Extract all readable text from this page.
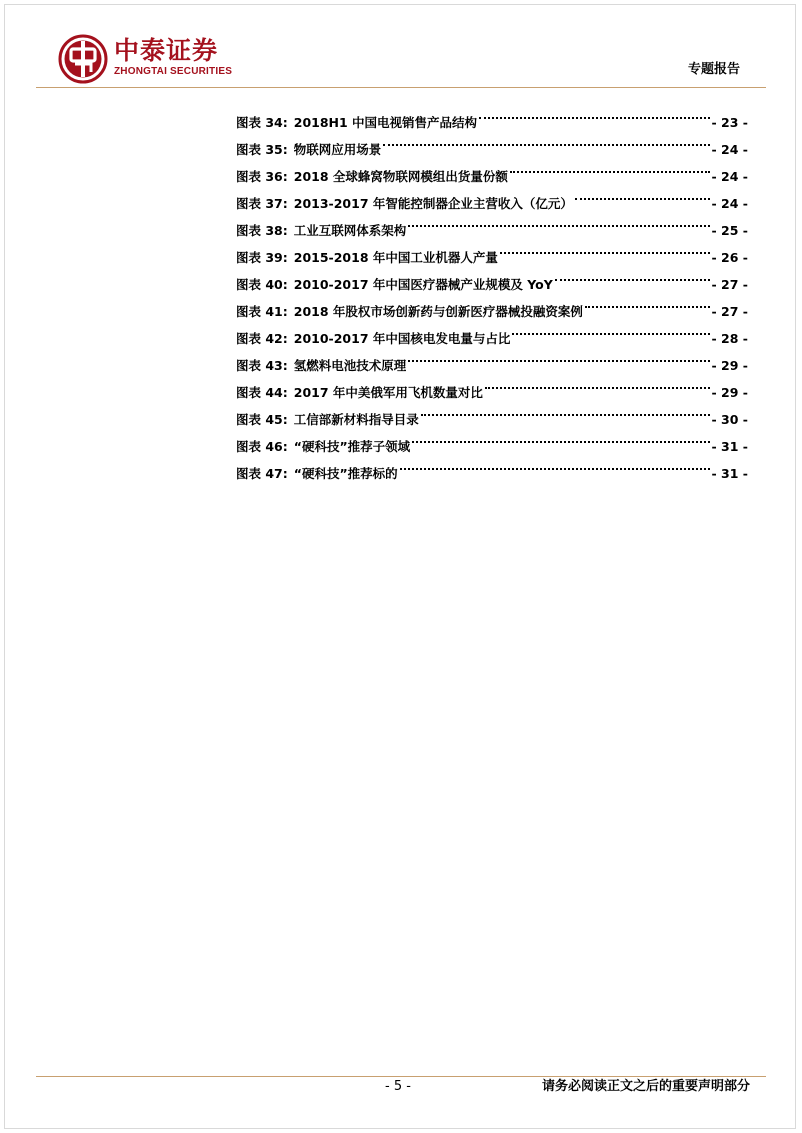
中泰证券
ZHONGTAI SECURITIES	专题报告
图表 34: 2018H1 中国电视销售产品结构	- 23 -
图表 35: 物联网应用场景	- 24 -
图表 36: 2018 全球蜂窝物联网模组出货量份额	- 24 -
图表 37: 2013-2017 年智能控制器企业主营收入（亿元）	- 24 -
图表 38: 工业互联网体系架构	- 25 -
图表 39: 2015-2018 年中国工业机器人产量	- 26 -
图表 40: 2010-2017 年中国医疗器械产业规模及 YoY	- 27 -
图表 41: 2018 年股权市场创新药与创新医疗器械投融资案例	- 27 -
图表 42: 2010-2017 年中国核电发电量与占比	- 28 -
图表 43: 氢燃料电池技术原理	- 29 -
图表 44: 2017 年中美俄军用飞机数量对比	- 29 -
图表 45: 工信部新材料指导目录	- 30 -
图表 46: “硬科技”推荐子领域	- 31 -
图表 47: “硬科技”推荐标的	- 31 -
- 5 -	请务必阅读正文之后的重要声明部分
